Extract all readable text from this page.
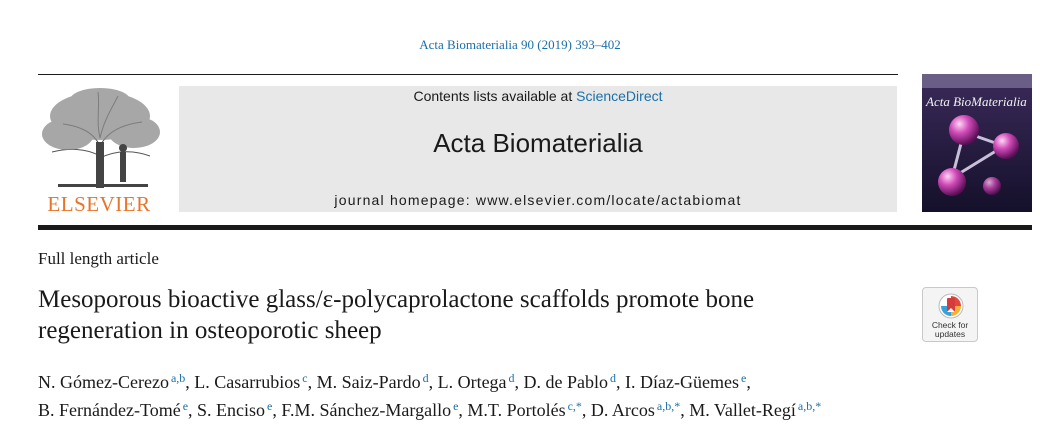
Acta Biomaterialia 90 (2019) 393–402
ELSEVIER
Contents lists available at ScienceDirect
Acta Biomaterialia
journal homepage: www.elsevier.com/locate/actabiomat
Acta BioMaterialia
Full length article
Mesoporous bioactive glass/ε-polycaprolactone scaffolds promote bone
regeneration in osteoporotic sheep	Check for
updates
N. Gómez-Cerezo $^{a,b}$, L. Casarrubios $^c$, M. Saiz-Pardo $^d$, L. Ortega $^d$, D. de Pablo $^d$, I. Díaz-Güemes $^e$,
B. Fernández-Tomé $^e$, S. Enciso $^e$, F.M. Sánchez-Margallo $^e$, M.T. Portolés $^{c,*}$, D. Arcos $^{a,b,*}$, M. Vallet-Regí $^{a,b,*}$
